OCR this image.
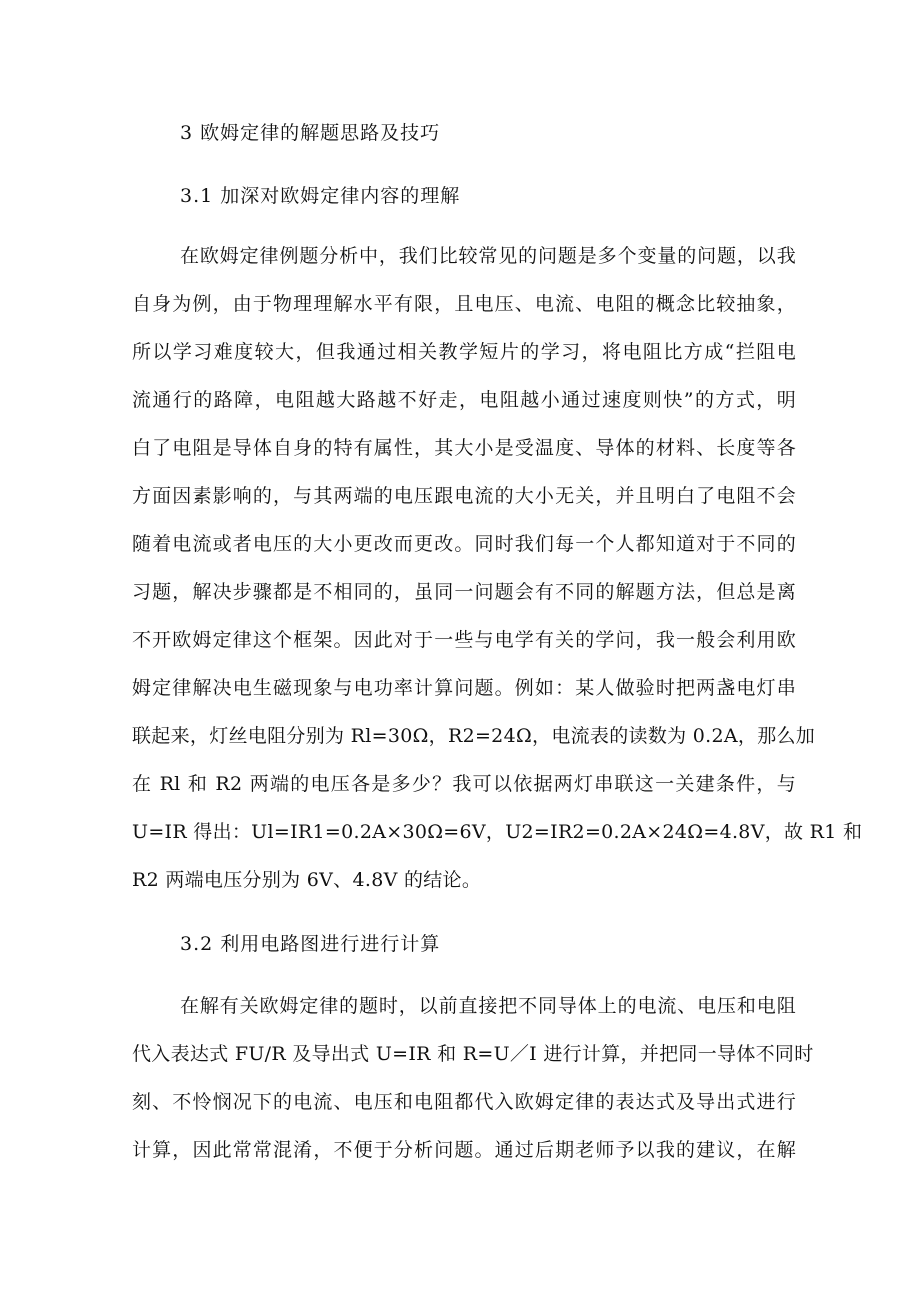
3 欧姆定律的解题思路及技巧
3.1 加深对欧姆定律内容的理解
在欧姆定律例题分析中，我们比较常见的问题是多个变量的问题，以我
自身为例，由于物理理解水平有限，且电压、电流、电阻的概念比较抽象，
所以学习难度较大，但我通过相关教学短片的学习，将电阻比方成“拦阻电
流通行的路障，电阻越大路越不好走，电阻越小通过速度则快”的方式，明
白了电阻是导体自身的特有属性，其大小是受温度、导体的材料、长度等各
方面因素影响的，与其两端的电压跟电流的大小无关，并且明白了电阻不会
随着电流或者电压的大小更改而更改。同时我们每一个人都知道对于不同的
习题，解决步骤都是不相同的，虽同一问题会有不同的解题方法，但总是离
不开欧姆定律这个框架。因此对于一些与电学有关的学问，我一般会利用欧
姆定律解决电生磁现象与电功率计算问题。例如：某人做验时把两盏电灯串
联起来，灯丝电阻分别为 Rl=30Ω，R2=24Ω，电流表的读数为 0.2A，那么加
在 Rl 和 R2 两端的电压各是多少？我可以依据两灯串联这一关建条件，与
U=IR 得出：Ul=IR1=0.2A×30Ω=6V，U2=IR2=0.2A×24Ω=4.8V，故 R1 和
R2 两端电压分别为 6V、4.8V 的结论。
3.2 利用电路图进行进行计算
在解有关欧姆定律的题时，以前直接把不同导体上的电流、电压和电阻
代入表达式 FU/R 及导出式 U=IR 和 R=U／I 进行计算，并把同一导体不同时
刻、不怜悯况下的电流、电压和电阻都代入欧姆定律的表达式及导出式进行
计算，因此常常混淆，不便于分析问题。通过后期老师予以我的建议，在解
